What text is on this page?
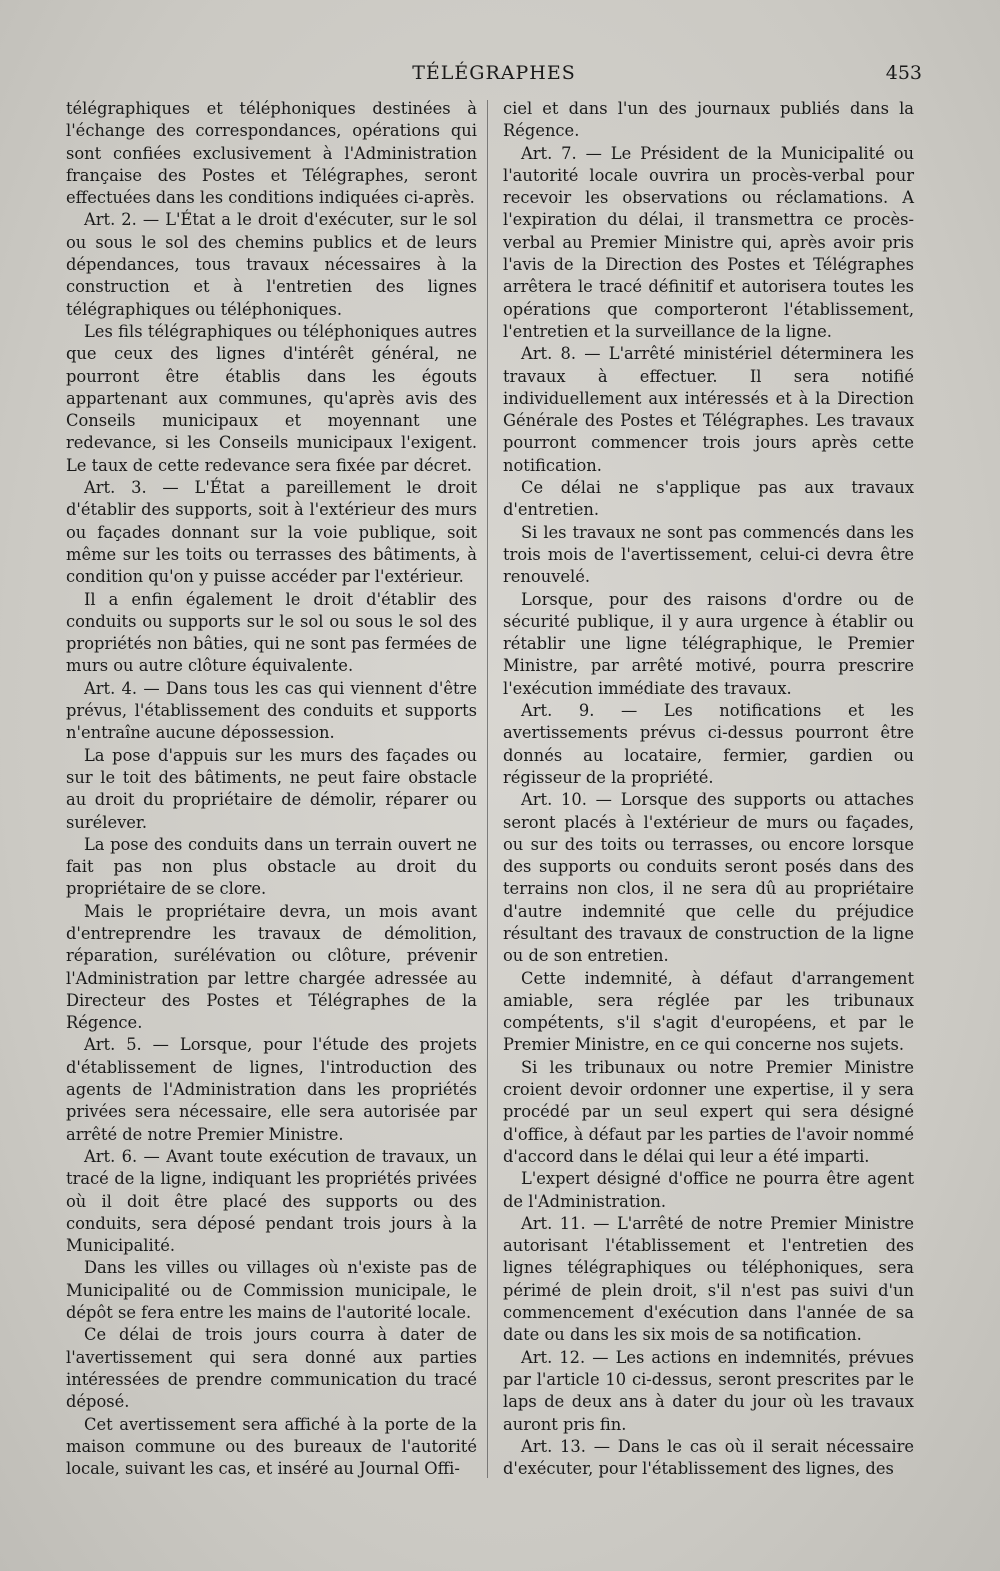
TÉLÉGRAPHES	453

télégraphiques et téléphoniques destinées à l'échange des correspondances, opérations qui sont confiées exclusivement à l'Administration française des Postes et Télégraphes, seront effectuées dans les conditions indiquées ci-après.

Art. 2. — L'État a le droit d'exécuter, sur le sol ou sous le sol des chemins publics et de leurs dépendances, tous travaux nécessaires à la construction et à l'entretien des lignes télégraphiques ou téléphoniques.

Les fils télégraphiques ou téléphoniques autres que ceux des lignes d'intérêt général, ne pourront être établis dans les égouts appartenant aux communes, qu'après avis des Conseils municipaux et moyennant une redevance, si les Conseils municipaux l'exigent. Le taux de cette redevance sera fixée par décret.

Art. 3. — L'État a pareillement le droit d'établir des supports, soit à l'extérieur des murs ou façades donnant sur la voie publique, soit même sur les toits ou terrasses des bâtiments, à condition qu'on y puisse accéder par l'extérieur.

Il a enfin également le droit d'établir des conduits ou supports sur le sol ou sous le sol des propriétés non bâties, qui ne sont pas fermées de murs ou autre clôture équivalente.

Art. 4. — Dans tous les cas qui viennent d'être prévus, l'établissement des conduits et supports n'entraîne aucune dépossession.

La pose d'appuis sur les murs des façades ou sur le toit des bâtiments, ne peut faire obstacle au droit du propriétaire de démolir, réparer ou surélever.

La pose des conduits dans un terrain ouvert ne fait pas non plus obstacle au droit du propriétaire de se clore.

Mais le propriétaire devra, un mois avant d'entreprendre les travaux de démolition, réparation, surélévation ou clôture, prévenir l'Administration par lettre chargée adressée au Directeur des Postes et Télégraphes de la Régence.

Art. 5. — Lorsque, pour l'étude des projets d'établissement de lignes, l'introduction des agents de l'Administration dans les propriétés privées sera nécessaire, elle sera autorisée par arrêté de notre Premier Ministre.

Art. 6. — Avant toute exécution de travaux, un tracé de la ligne, indiquant les propriétés privées où il doit être placé des supports ou des conduits, sera déposé pendant trois jours à la Municipalité.

Dans les villes ou villages où n'existe pas de Municipalité ou de Commission municipale, le dépôt se fera entre les mains de l'autorité locale.

Ce délai de trois jours courra à dater de l'avertissement qui sera donné aux parties intéressées de prendre communication du tracé déposé.

Cet avertissement sera affiché à la porte de la maison commune ou des bureaux de l'autorité locale, suivant les cas, et inséré au Journal Offi-

ciel et dans l'un des journaux publiés dans la Régence.

Art. 7. — Le Président de la Municipalité ou l'autorité locale ouvrira un procès-verbal pour recevoir les observations ou réclamations. A l'expiration du délai, il transmettra ce procès-verbal au Premier Ministre qui, après avoir pris l'avis de la Direction des Postes et Télégraphes arrêtera le tracé définitif et autorisera toutes les opérations que comporteront l'établissement, l'entretien et la surveillance de la ligne.

Art. 8. — L'arrêté ministériel déterminera les travaux à effectuer. Il sera notifié individuellement aux intéressés et à la Direction Générale des Postes et Télégraphes. Les travaux pourront commencer trois jours après cette notification.

Ce délai ne s'applique pas aux travaux d'entretien.

Si les travaux ne sont pas commencés dans les trois mois de l'avertissement, celui-ci devra être renouvelé.

Lorsque, pour des raisons d'ordre ou de sécurité publique, il y aura urgence à établir ou rétablir une ligne télégraphique, le Premier Ministre, par arrêté motivé, pourra prescrire l'exécution immédiate des travaux.

Art. 9. — Les notifications et les avertissements prévus ci-dessus pourront être donnés au locataire, fermier, gardien ou régisseur de la propriété.

Art. 10. — Lorsque des supports ou attaches seront placés à l'extérieur de murs ou façades, ou sur des toits ou terrasses, ou encore lorsque des supports ou conduits seront posés dans des terrains non clos, il ne sera dû au propriétaire d'autre indemnité que celle du préjudice résultant des travaux de construction de la ligne ou de son entretien.

Cette indemnité, à défaut d'arrangement amiable, sera réglée par les tribunaux compétents, s'il s'agit d'européens, et par le Premier Ministre, en ce qui concerne nos sujets.

Si les tribunaux ou notre Premier Ministre croient devoir ordonner une expertise, il y sera procédé par un seul expert qui sera désigné d'office, à défaut par les parties de l'avoir nommé d'accord dans le délai qui leur a été imparti.

L'expert désigné d'office ne pourra être agent de l'Administration.

Art. 11. — L'arrêté de notre Premier Ministre autorisant l'établissement et l'entretien des lignes télégraphiques ou téléphoniques, sera périmé de plein droit, s'il n'est pas suivi d'un commencement d'exécution dans l'année de sa date ou dans les six mois de sa notification.

Art. 12. — Les actions en indemnités, prévues par l'article 10 ci-dessus, seront prescrites par le laps de deux ans à dater du jour où les travaux auront pris fin.

Art. 13. — Dans le cas où il serait nécessaire d'exécuter, pour l'établissement des lignes, des
